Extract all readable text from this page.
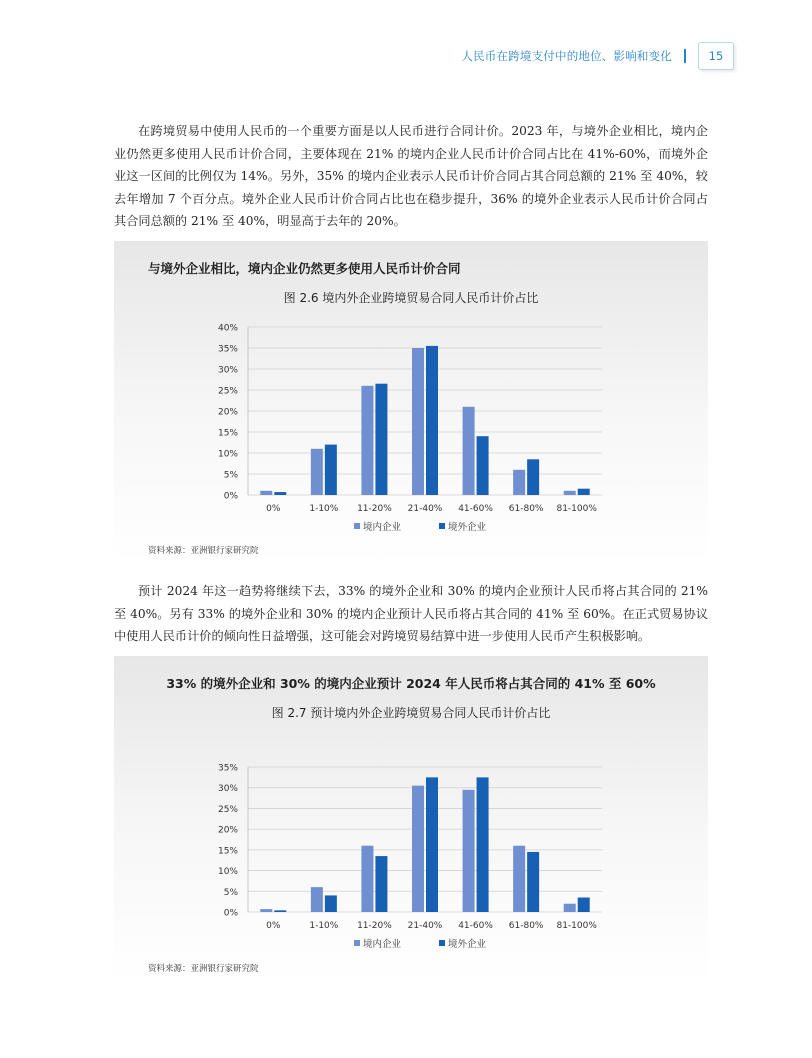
人民币在跨境支付中的地位、影响和变化	15

在跨境贸易中使用人民币的一个重要方面是以人民币进行合同计价。2023 年，与境外企业相比，境内企业仍然更多使用人民币计价合同，主要体现在 21% 的境内企业人民币计价合同占比在 41%-60%，而境外企业这一区间的比例仅为 14%。另外，35% 的境内企业表示人民币计价合同占其合同总额的 21% 至 40%，较去年增加 7 个百分点。境外企业人民币计价合同占比也在稳步提升，36% 的境外企业表示人民币计价合同占其合同总额的 21% 至 40%，明显高于去年的 20%。

与境外企业相比，境内企业仍然更多使用人民币计价合同
图 2.6 境内外企业跨境贸易合同人民币计价占比
0%
5%
10%
15%
20%
25%
30%
35%
40%
0%	1-10% 11-20% 21-40% 41-60% 61-80% 81-100%
境内企业	境外企业
资料来源：亚洲银行家研究院

预计 2024 年这一趋势将继续下去，33% 的境外企业和 30% 的境内企业预计人民币将占其合同的 21% 至 40%。另有 33% 的境外企业和 30% 的境内企业预计人民币将占其合同的 41% 至 60%。在正式贸易协议中使用人民币计价的倾向性日益增强，这可能会对跨境贸易结算中进一步使用人民币产生积极影响。

33% 的境外企业和 30% 的境内企业预计 2024 年人民币将占其合同的 41% 至 60%
图 2.7 预计境内外企业跨境贸易合同人民币计价占比
0%
5%
10%
15%
20%
25%
30%
35%
0%	1-10% 11-20% 21-40% 41-60% 61-80% 81-100%
境内企业	境外企业
资料来源：亚洲银行家研究院
